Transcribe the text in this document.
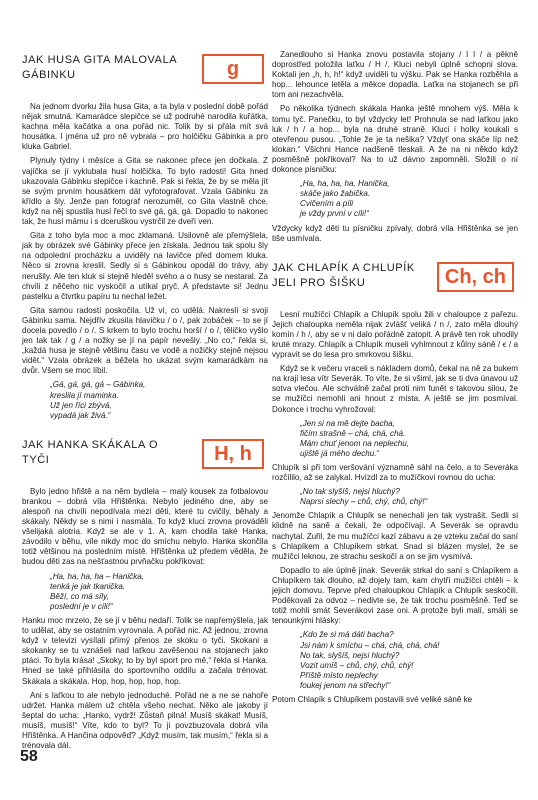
JAK HUSA GITA MALOVALA GÁBINKU	g

Na jednom dvorku žila husa Gita, a ta byla v poslední době pořád nějak smutná. Kamarádce slepičce se už podruhé narodila kuřátka, kachna měla kačátka a ona pořád nic. Tolik by si přála mít svá housátka. I jména už pro ně vybrala – pro holčičku Gábinka a pro kluka Gabriel.

Plynuly týdny i měsíce a Gita se nakonec přece jen dočkala. Z vajíčka se jí vyklubala husí holčička. To bylo radosti! Gita hned ukazovala Gábinku slepičce i kachně. Pak si řekla, že by se měla jít se svým prvním housátkem dát vyfotografovat. Vzala Gábinku za křídlo a šly. Jenže pan fotograf nerozuměl, co Gita vlastně chce, když na něj spustila husí řečí to své gá, gá, gá. Dopadlo to nakonec tak, že husí mámu i s dceruškou vystrčil ze dveří ven.

Gita z toho byla moc a moc zklamaná. Usilovně ale přemýšlela, jak by obrázek své Gábinky přece jen získala. Jednou tak spolu šly na odpolední procházku a uviděly na lavičce před domem kluka. Něco si zrovna kreslil. Sedly si s Gábinkou opodál do trávy, aby nerušily. Ale ten kluk si stejně hleděl svého a o husy se nestaral. Za chvíli z něčeho nic vyskočil a utíkal pryč. A představte si! Jednu pastelku a čtvrtku papíru tu nechal ležet.

Gita samou radostí poskočila. Už ví, co udělá. Nakreslí si svoji Gábinku sama. Nejdřív zkusila hlavičku / o /, pak zobáček – to se jí docela povedlo / o /. S krkem to bylo trochu horší / o /, těličko vyšlo jen tak tak / g / a nožky se jí na papír nevešly. „No co,“ řekla si, „každá husa je stejně většinu času ve vodě a nožičky stejně nejsou vidět.“ Vzala obrázek a běžela ho ukázat svým kamarádkám na dvůr. Všem se moc líbil.

„Gá, gá, gá, gá – Gábinka,
kreslila jí maminka.
Už jen říci zbývá,
vypadá jak živá.“
JAK HANKA SKÁKALA O TYČI	H, h

Bylo jedno hřiště a na něm bydlela – malý kousek za fotbalovou brankou – dobrá víla Hřištěnka. Nebylo jediného dne, aby se alespoň na chvíli nepodívala mezi děti, které tu cvičily, běhaly a skákaly. Někdy se s nimi i nasmála. To když kluci zrovna prováděli všelijaká alotria. Když se ale v 1. A, kam chodila také Hanka, závodilo v běhu, víle nikdy moc do smíchu nebylo. Hanka skončila totiž většinou na posledním místě. Hřištěnka už předem věděla, že budou děti zas na nešťastnou prvňačku pokřikovat:

„Ha, ha, ha, ha – Hanička,
tenká je jak tkanička.
Běží, co má síly,
poslední je v cíli!“

Hanku moc mrzelo, že se jí v běhu nedaří. Tolik se napřemýšlela, jak to udělat, aby se ostatním vyrovnala. A pořád nic. Až jednou, zrovna když v televizi vysílali přímý přenos ze skoku o tyči. Skokani a skokanky se tu vznášeli nad laťkou zavěšenou na stojanech jako ptáci. To byla krása! „Skoky, to by byl sport pro mě,“ řekla si Hanka. Hned se také přihlásila do sportovního oddílu a začala trénovat. Skákala a skákala. Hop, hop, hop, hop, hop.

Ani s laťkou to ale nebylo jednoduché. Pořád ne a ne se nahoře udržet. Hanka málem už chtěla všeho nechat. Něko ale jakoby jí šeptal do ucha: „Hanko, vydrž! Zůstaň pilná! Musíš skákat! Musíš, musíš, musíš!“ Víte, kdo to byl? To ji povzbuzovala dobrá víla Hřištěnka. A Hančina odpověď? „Když musím, tak musím,“ řekla si a trénovala dál.

Zanedlouho si Hanka znovu postavila stojany / I I / a pěkně doprostřed položila laťku / H /. Kluci nebyli úplně schopni slova. Koktali jen „h, h, h!“ když uviděli tu výšku. Pak se Hanka rozběhla a hop... lehounce letěla a měkce dopadla. Laťka na stojanech se při tom ani nezachvěla.

Po několika týdnech skákala Hanka ještě mnohem výš. Měla k tomu tyč. Panečku, to byl vždycky let! Prohnula se nad laťkou jako luk / h / a hop... byla na druhé straně. Kluci i holky koukali s otevřenou pusou. „Tohle že je ta nešika? Vždyť ona skáče líp než klokan.“ Všichni Hance nadšeně tleskali. A že na ni někdo když posměšně pokřikoval? Na to už dávno zapomněli. Složili o ní dokonce písničku:

„Ha, ha, ha, ha, Hanička,
skáče jako žabička.
Cvičením a píli
je vždy první v cíli!“

Vždycky když děti tu písničku zpívaly, dobrá víla Hřištěnka se jen tiše usmívala.

JAK CHLAPÍK A CHLUPÍK JELI PRO ŠIŠKU	Ch, ch

Lesní mužíčci Chlapík a Chlupík spolu žili v chaloupce z pařezu. Jejich chaloupka neměla nijak zvlášť veliká / n /, zato měla dlouhý komín / h /, aby se v ni dalo pořádně zatopit. A právě ten rok uhodily kruté mrazy. Chlapík a Chlupík museli vyhlmnout z kůlny sáně / ꞓ / a vypravit se do lesa pro smrkovou šišku.

Když se k večeru vraceli s nákladem domů, čekal na ně za bukem na kraji lesa vítr Severák. To víte, že si všiml, jak se ti dva únavou už sotva vlečou. Ale schválně začal proti nim funět s takovou silou, že se mužíčci nemohli ani hnout z místa. A ještě se jim posmíval. Dokonce i trochu vyhrožoval:

„Jen si na mě dejte bacha,
fičím strašně – chá, chá, chá.
Mám chuť jenom na neplechu,
ujiště já mého dechu.“

Chlupík si při tom veršování významně sáhl na čelo, a to Severáka rozčílilo, až se zalykal. Hvízdl za to mužíčkovi rovnou do ucha:

„No tak slyšíš, nejsi hluchý?
Naprsi slechy – chů, chý, chů, chý!“

Jenomže Chlapík a Chlupík se nenechali jen tak vystrašit. Sedli si klidně na saně a čekali, že odpočívají. A Severák se opravdu nachytal. Zuřil, že mu mužíčci kazí zábavu a ze vzteku začal do saní s Chlapíkem a Chlupíkem strkat. Snad si blázen myslel, že se mužíčci leknou, ze strachu seskočí a on se jim vysmívá.

Dopadlo to ale úplně jinak. Severák strkal do saní s Chlapíkem a Chlupíkem tak dlouho, až dojely tam, kam chytří mužíčci chtěli – k jejich domovu. Teprve před chaloupkou Chlapík a Chlupík seskočili. Poděkovali za odvoz – nedivte se, že tak trochu posměšně. Teď se totiž mohli smát Severákovi zase oni. A protože byli malí, smáli se tenounkými hlásky:

„Kdo že si má dáti bacha?
Jsi nám k smíchu – chá, chá, chá, chá!
No tak, slyšíš, nejsi hluchý?
Vozit umíš – chů, chý, chů, chý!
Příště místo neplechy
foukej jenom na střechy!“

Potom Chlapík s Chlupíkem postavili své veliké sáně ke

58
